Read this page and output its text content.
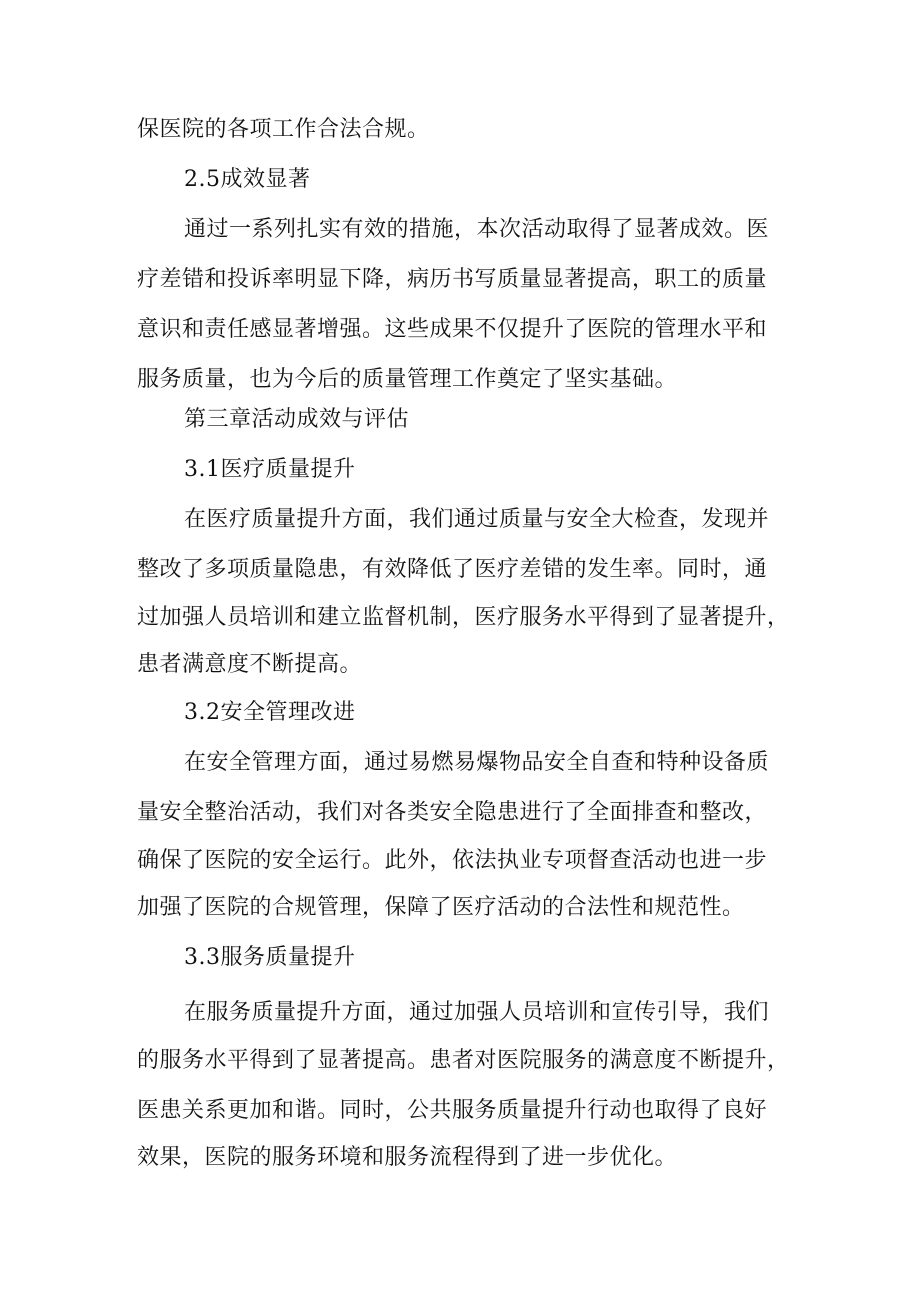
保医院的各项工作合法合规。
2.5成效显著
通过一系列扎实有效的措施，本次活动取得了显著成效。医
疗差错和投诉率明显下降，病历书写质量显著提高，职工的质量
意识和责任感显著增强。这些成果不仅提升了医院的管理水平和
服务质量，也为今后的质量管理工作奠定了坚实基础。
第三章活动成效与评估
3.1医疗质量提升
在医疗质量提升方面，我们通过质量与安全大检查，发现并
整改了多项质量隐患，有效降低了医疗差错的发生率。同时，通
过加强人员培训和建立监督机制，医疗服务水平得到了显著提升，
患者满意度不断提高。
3.2安全管理改进
在安全管理方面，通过易燃易爆物品安全自查和特种设备质
量安全整治活动，我们对各类安全隐患进行了全面排查和整改，
确保了医院的安全运行。此外，依法执业专项督查活动也进一步
加强了医院的合规管理，保障了医疗活动的合法性和规范性。
3.3服务质量提升
在服务质量提升方面，通过加强人员培训和宣传引导，我们
的服务水平得到了显著提高。患者对医院服务的满意度不断提升，
医患关系更加和谐。同时，公共服务质量提升行动也取得了良好
效果，医院的服务环境和服务流程得到了进一步优化。
